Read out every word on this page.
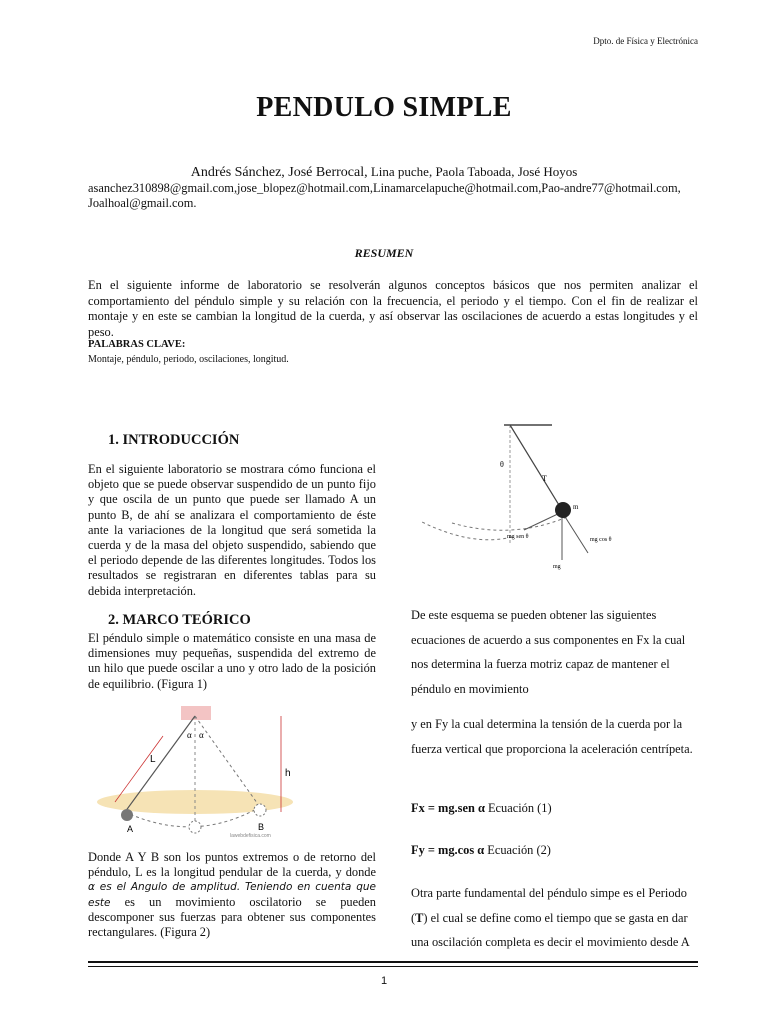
Dpto. de Física y Electrónica
PENDULO SIMPLE
Andrés Sánchez, José Berrocal, Lina puche, Paola Taboada, José Hoyos
asanchez310898@gmail.com,jose_blopez@hotmail.com,Linamarcelapuche@hotmail.com,Pao-andre77@hotmail.com,
Joalhoal@gmail.com.
RESUMEN
En el siguiente informe de laboratorio se resolverán algunos conceptos básicos que nos permiten analizar el comportamiento del péndulo simple y su relación con la frecuencia, el periodo y el tiempo. Con el fin de realizar el montaje y en este se cambian la longitud de la cuerda, y así observar las oscilaciones de acuerdo a estas longitudes y el peso.
PALABRAS CLAVE:
Montaje, péndulo, periodo, oscilaciones, longitud.
1. INTRODUCCIÓN
En el siguiente laboratorio se mostrara cómo funciona el objeto que se puede observar suspendido de un punto fijo y que oscila de un punto que puede ser llamado A un punto B, de ahí se analizara el comportamiento de éste ante la variaciones de la longitud que será sometida la cuerda y de la masa del objeto suspendido, sabiendo que el periodo depende de las diferentes longitudes. Todos los resultados se registraran en diferentes tablas para su debida interpretación.
2. MARCO TEÓRICO
El péndulo simple o matemático consiste en una masa de dimensiones muy pequeñas, suspendida del extremo de un hilo que puede oscilar a uno y otro lado de la posición de equilibrio. (Figura 1)
L
α α
h
A	B
lawebdefisica.com
Donde A Y B son los puntos extremos o de retorno del péndulo, L es la longitud pendular de la cuerda, y donde α es el Angulo de amplitud. Teniendo en cuenta que este es un movimiento oscilatorio se pueden descomponer sus fuerzas para obtener sus componentes rectangulares. (Figura 2)
θ
T
m
mg sen θ	mg cos θ
mg
De este esquema se pueden obtener las siguientes ecuaciones de acuerdo a sus componentes en Fx la cual nos determina la fuerza motriz capaz de mantener el péndulo en movimiento
y en Fy la cual determina la tensión de la cuerda por la fuerza vertical que proporciona la aceleración centrípeta.
Fx = mg.sen α Ecuación (1)
Fy = mg.cos α Ecuación (2)
Otra parte fundamental del péndulo simpe es el Periodo (T) el cual se define como el tiempo que se gasta en dar una oscilación completa es decir el movimiento desde A
1
